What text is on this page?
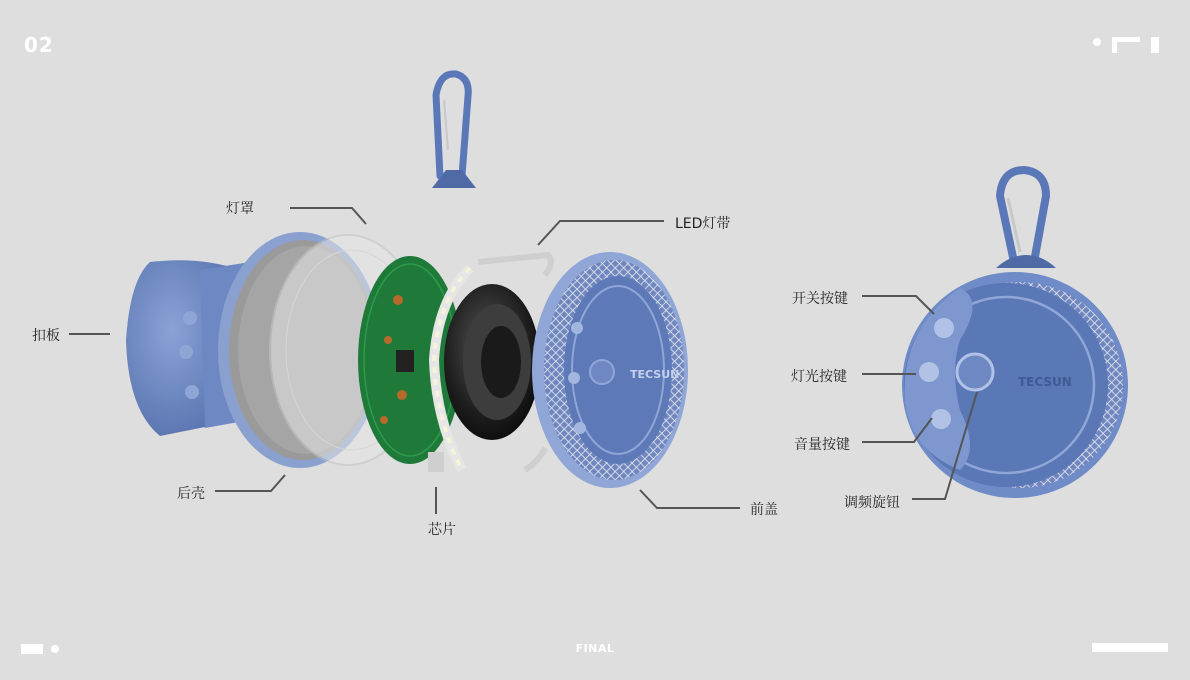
02
TECSUN
TECSUN
灯罩
LED灯带
扣板
后壳
芯片
前盖
开关按键
灯光按键
音量按键
调频旋钮
FINAL
